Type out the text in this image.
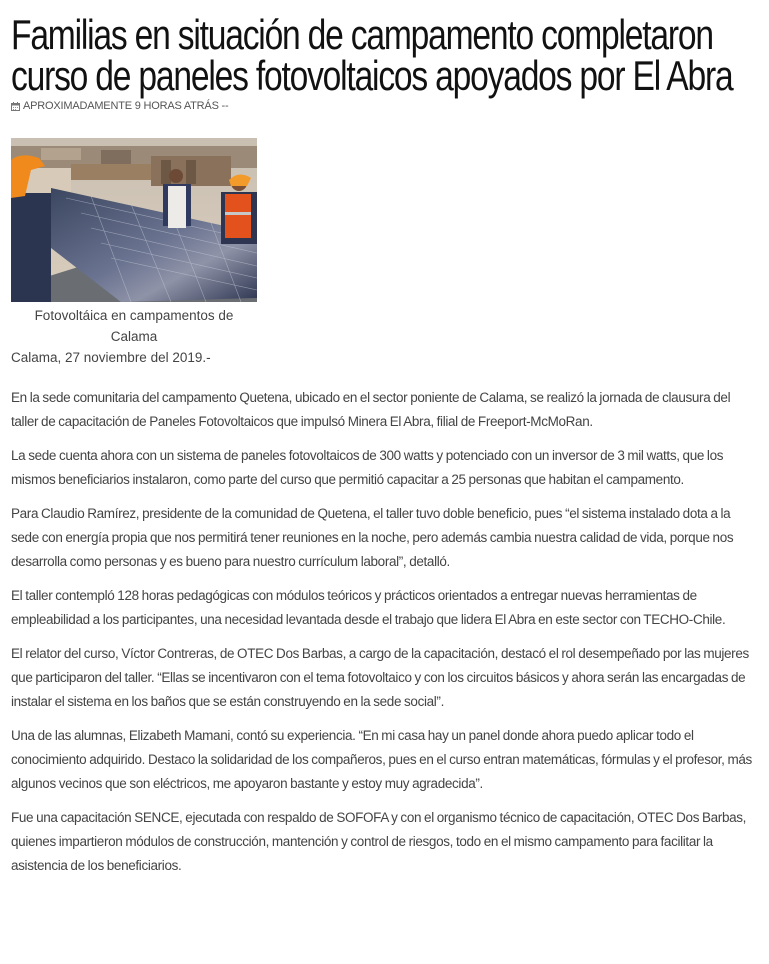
Familias en situación de campamento completaron curso de paneles fotovoltaicos apoyados por El Abra
APROXIMADAMENTE 9 HORAS ATRÁS --
Fotovoltáica en campamentos de Calama
Calama, 27 noviembre del 2019.-

En la sede comunitaria del campamento Quetena, ubicado en el sector poniente de Calama, se realizó la jornada de clausura del taller de capacitación de Paneles Fotovoltaicos que impulsó Minera El Abra, filial de Freeport-McMoRan.

La sede cuenta ahora con un sistema de paneles fotovoltaicos de 300 watts y potenciado con un inversor de 3 mil watts, que los mismos beneficiarios instalaron, como parte del curso que permitió capacitar a 25 personas que habitan el campamento.

Para Claudio Ramírez, presidente de la comunidad de Quetena, el taller tuvo doble beneficio, pues “el sistema instalado dota a la sede con energía propia que nos permitirá tener reuniones en la noche, pero además cambia nuestra calidad de vida, porque nos desarrolla como personas y es bueno para nuestro currículum laboral”, detalló.

El taller contempló 128 horas pedagógicas con módulos teóricos y prácticos orientados a entregar nuevas herramientas de empleabilidad a los participantes, una necesidad levantada desde el trabajo que lidera El Abra en este sector con TECHO-Chile.

El relator del curso, Víctor Contreras, de OTEC Dos Barbas, a cargo de la capacitación, destacó el rol desempeñado por las mujeres que participaron del taller. “Ellas se incentivaron con el tema fotovoltaico y con los circuitos básicos y ahora serán las encargadas de instalar el sistema en los baños que se están construyendo en la sede social”.

Una de las alumnas, Elizabeth Mamani, contó su experiencia. “En mi casa hay un panel donde ahora puedo aplicar todo el conocimiento adquirido. Destaco la solidaridad de los compañeros, pues en el curso entran matemáticas, fórmulas y el profesor, más algunos vecinos que son eléctricos, me apoyaron bastante y estoy muy agradecida”.

Fue una capacitación SENCE, ejecutada con respaldo de SOFOFA y con el organismo técnico de capacitación, OTEC Dos Barbas, quienes impartieron módulos de construcción, mantención y control de riesgos, todo en el mismo campamento para facilitar la asistencia de los beneficiarios.
